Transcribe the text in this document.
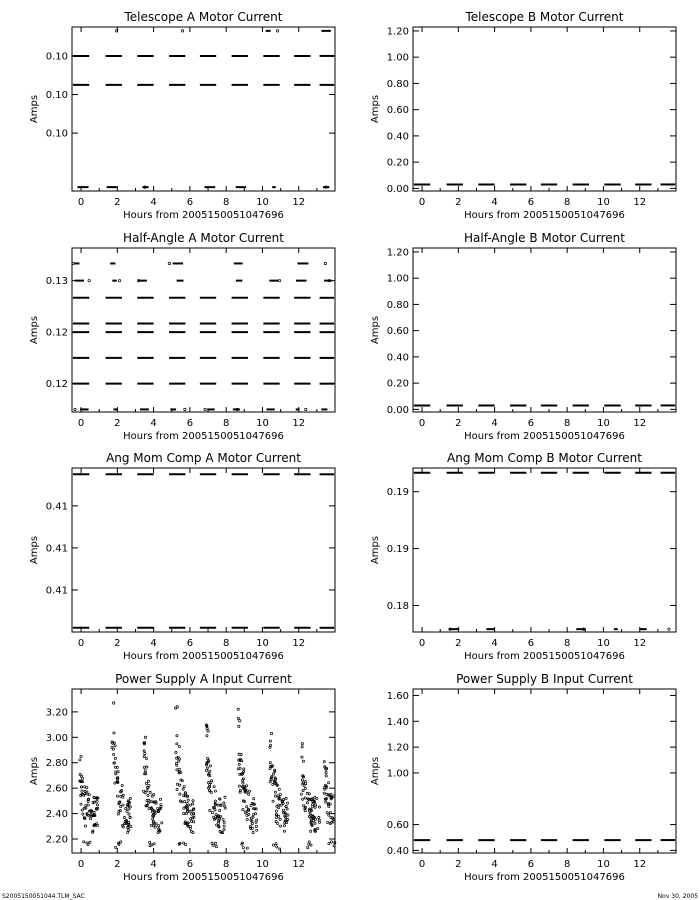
S2005150051044.TLM_SAC	Nov 30, 2005
Telescope A Motor Current
Hours from 2005150051047696
Amps
0	2	4	6	8	10 12
0.10
0.10
0.10
Telescope B Motor Current
Hours from 2005150051047696
Amps
0	2	4	6	8	10 12
0.00
0.20
0.40
0.60
0.80
1.00
1.20
Half-Angle A Motor Current
Hours from 2005150051047696
Amps
0	2	4	6	8	10 12
0.12
0.12
0.13
Half-Angle B Motor Current
Hours from 2005150051047696
Amps
0	2	4	6	8	10 12
0.00
0.20
0.40
0.60
0.80
1.00
1.20
Ang Mom Comp A Motor Current
Hours from 2005150051047696
Amps
0	2	4	6	8	10 12
0.41
0.41
0.41
Ang Mom Comp B Motor Current
Hours from 2005150051047696
Amps
0	2	4	6	8	10 12
0.18
0.19
0.19
Power Supply A Input Current
Hours from 2005150051047696
Amps
0	2	4	6	8	10 12
2.20
2.40
2.60
2.80
3.00
3.20
Power Supply B Input Current
Hours from 2005150051047696
Amps
0	2	4	6	8	10 12
0.40
0.60
1.00
1.20
1.40
1.60
